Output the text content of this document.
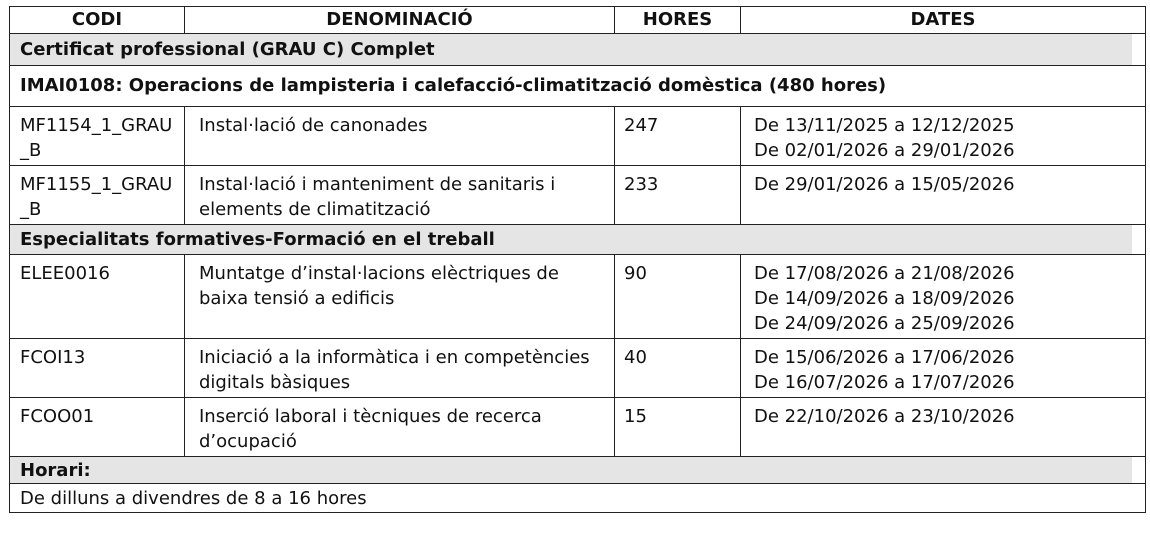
CODI	DENOMINACIÓ	HORES	DATES

Certificat professional (GRAU C) Complet			

IMAI0108: Operacions de lampisteria i calefacció-climatització domèstica (480 hores)			

MF1154_1_GRAU_B	Instal·lació de canonades	247	De 13/11/2025 a 12/12/2025
De 02/01/2026 a 29/01/2026

MF1155_1_GRAU_B	Instal·lació i manteniment de sanitaris i elements de climatització	233	De 29/01/2026 a 15/05/2026

Especialitats formatives-Formació en el treball			

ELEE0016	Muntatge d’instal·lacions elèctriques de baixa tensió a edificis	90	De 17/08/2026 a 21/08/2026
De 14/09/2026 a 18/09/2026
De 24/09/2026 a 25/09/2026

FCOI13	Iniciació a la informàtica i en competències digitals bàsiques	40	De 15/06/2026 a 17/06/2026
De 16/07/2026 a 17/07/2026

FCOO01	Inserció laboral i tècniques de recerca d’ocupació	15	De 22/10/2026 a 23/10/2026

Horari:			

De dilluns a divendres de 8 a 16 hores			
